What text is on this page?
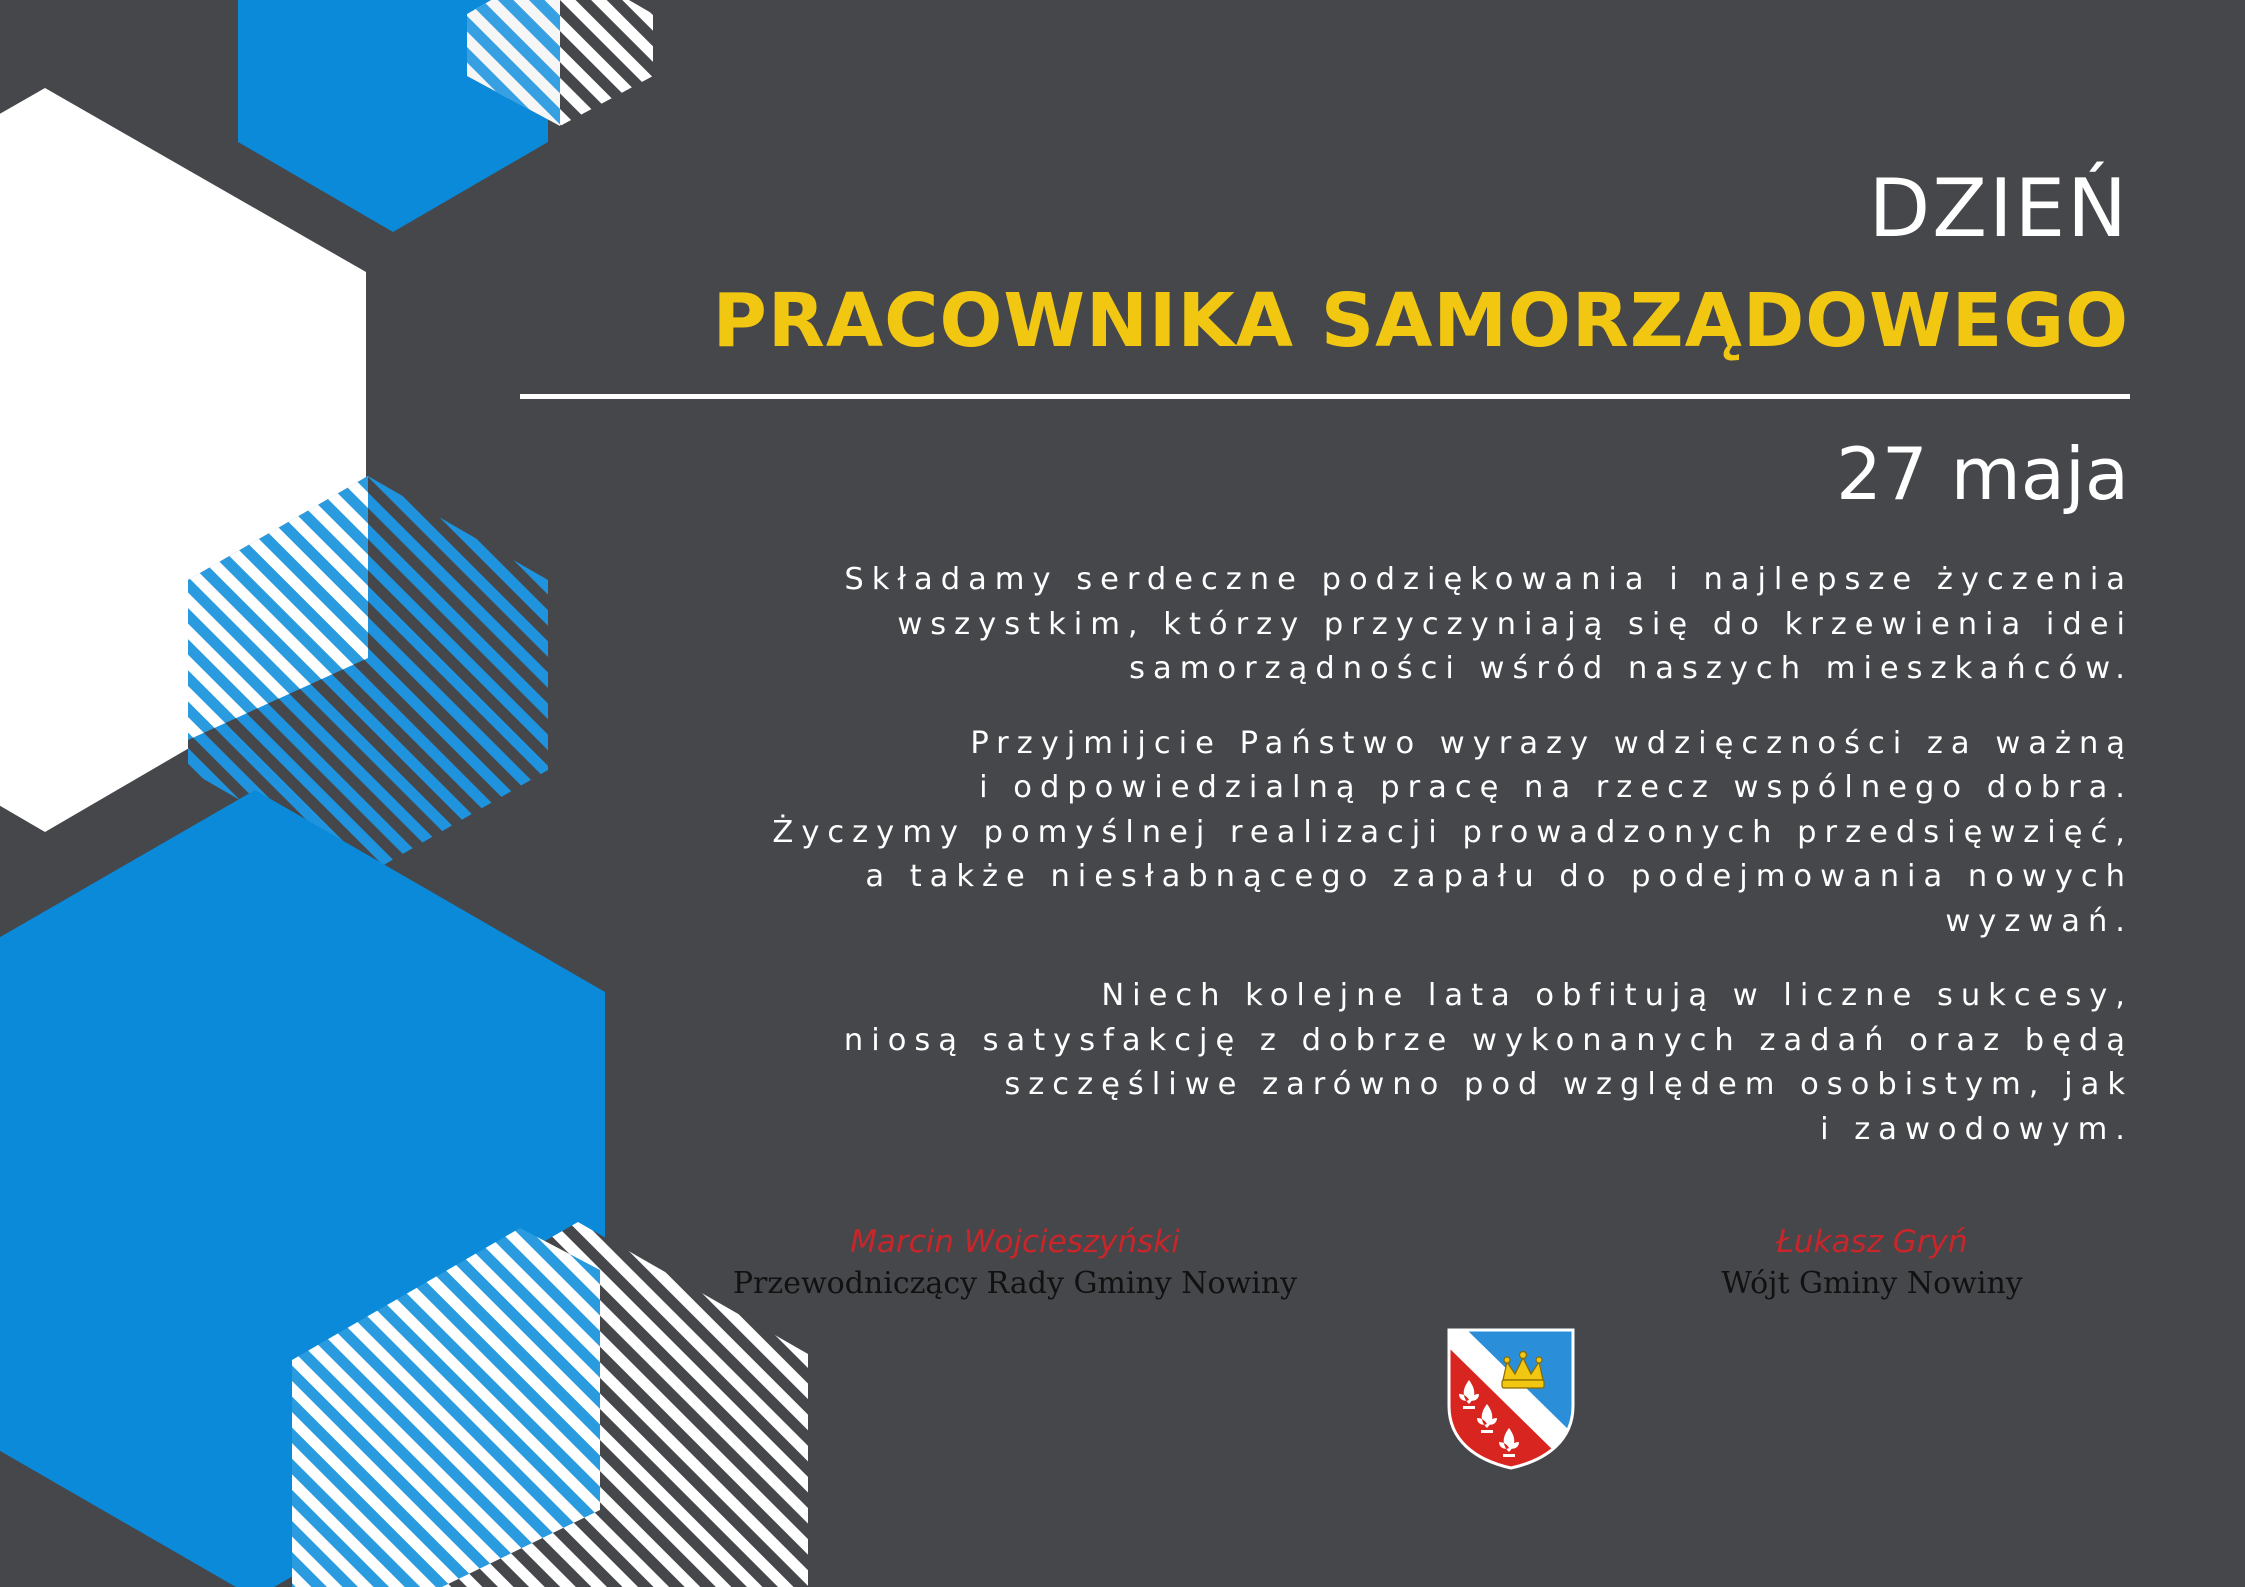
DZIEŃ
PRACOWNIKA SAMORZĄDOWEGO
27 maja

Składamy serdeczne podziękowania i najlepsze życzenia
wszystkim, którzy przyczyniają się do krzewienia idei
samorządności wśród naszych mieszkańców.

Przyjmijcie Państwo wyrazy wdzięczności za ważną
i odpowiedzialną pracę na rzecz wspólnego dobra.
Życzymy pomyślnej realizacji prowadzonych przedsięwzięć,
a także niesłabnącego zapału do podejmowania nowych
wyzwań.

Niech kolejne lata obfitują w liczne sukcesy,
niosą satysfakcję z dobrze wykonanych zadań oraz będą
szczęśliwe zarówno pod względem osobistym, jak
i zawodowym.

Marcin Wojcieszyński
Przewodniczący Rady Gminy Nowiny
Łukasz Gryń
Wójt Gminy Nowiny
